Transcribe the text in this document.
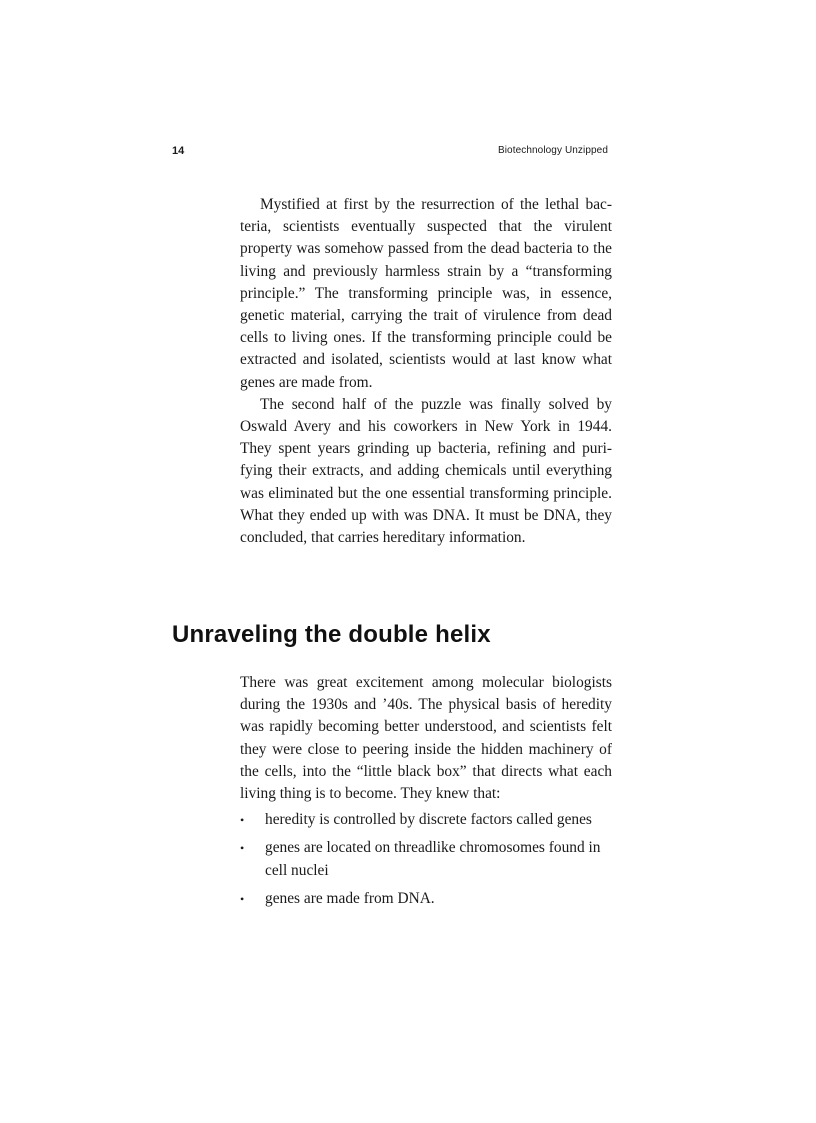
14	Biotechnology Unzipped

Mystified at first by the resurrection of the lethal bacteria, scientists eventually suspected that the virulent property was somehow passed from the dead bacteria to the living and previously harmless strain by a “transforming principle.” The transforming principle was, in essence, genetic material, carrying the trait of virulence from dead cells to living ones. If the transforming principle could be extracted and isolated, scientists would at last know what genes are made from.

The second half of the puzzle was finally solved by Oswald Avery and his coworkers in New York in 1944. They spent years grinding up bacteria, refining and purifying their extracts, and adding chemicals until everything was eliminated but the one essential transforming principle. What they ended up with was DNA. It must be DNA, they concluded, that carries hereditary information.

Unraveling the double helix

There was great excitement among molecular biologists during the 1930s and ’40s. The physical basis of heredity was rapidly becoming better understood, and scientists felt they were close to peering inside the hidden machinery of the cells, into the “little black box” that directs what each living thing is to become. They knew that:

•	heredity is controlled by discrete factors called genes
•	genes are located on threadlike chromosomes found in cell nuclei
•	genes are made from DNA.
